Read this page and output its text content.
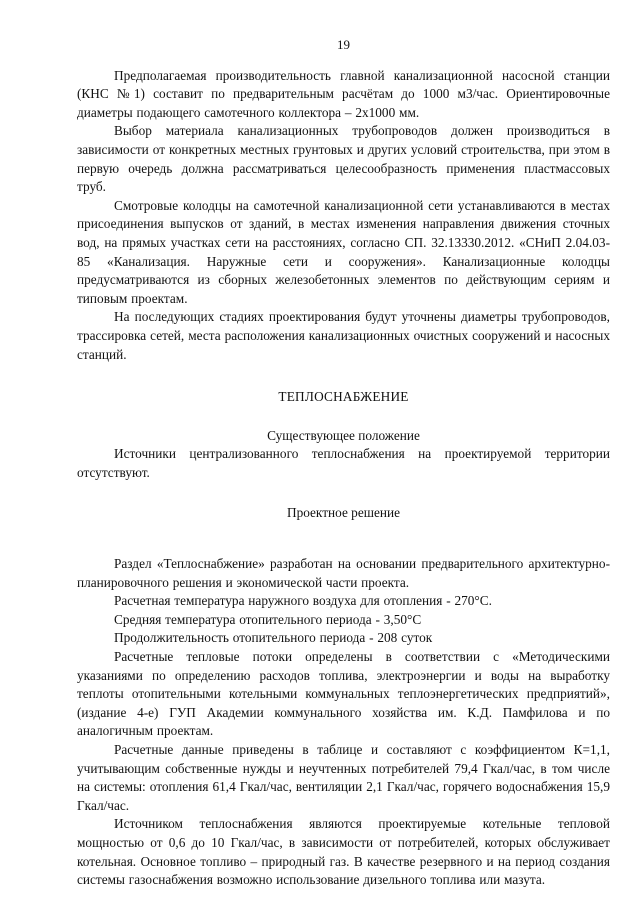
19

Предполагаемая производительность главной канализационной насосной станции (КНС №1) составит по предварительным расчётам до 1000 м3/час. Ориентировочные диаметры подающего самотечного коллектора – 2х1000 мм.

Выбор материала канализационных трубопроводов должен производиться в зависимости от конкретных местных грунтовых и других условий строительства, при этом в первую очередь должна рассматриваться целесообразность применения пластмассовых труб.

Смотровые колодцы на самотечной канализационной сети устанавливаются в местах присоединения выпусков от зданий, в местах изменения направления движения сточных вод, на прямых участках сети на расстояниях, согласно СП. 32.13330.2012. «СНиП 2.04.03-85 «Канализация. Наружные сети и сооружения». Канализационные колодцы предусматриваются из сборных железобетонных элементов по действующим сериям и типовым проектам.

На последующих стадиях проектирования будут уточнены диаметры трубопроводов, трассировка сетей, места расположения канализационных очистных сооружений и насосных станций.

ТЕПЛОСНАБЖЕНИЕ
Существующее положение

Источники централизованного теплоснабжения на проектируемой территории отсутствуют.

Проектное решение

Раздел «Теплоснабжение» разработан на основании предварительного архитектурно-планировочного решения и экономической части проекта.

Расчетная температура наружного воздуха для отопления - 270°С.

Средняя температура отопительного периода - 3,50°С

Продолжительность отопительного периода - 208 суток

Расчетные тепловые потоки определены в соответствии с «Методическими указаниями по определению расходов топлива, электроэнергии и воды на выработку теплоты отопительными котельными коммунальных теплоэнергетических предприятий», (издание 4-е) ГУП Академии коммунального хозяйства им. К.Д. Памфилова и по аналогичным проектам.

Расчетные данные приведены в таблице и составляют с коэффициентом К=1,1, учитывающим собственные нужды и неучтенных потребителей 79,4 Гкал/час, в том числе на системы: отопления 61,4 Гкал/час, вентиляции 2,1 Гкал/час, горячего водоснабжения 15,9 Гкал/час.

Источником теплоснабжения являются проектируемые котельные тепловой мощностью от 0,6 до 10 Гкал/час, в зависимости от потребителей, которых обслуживает котельная. Основное топливо – природный газ. В качестве резервного и на период создания системы газоснабжения возможно использование дизельного топлива или мазута.
